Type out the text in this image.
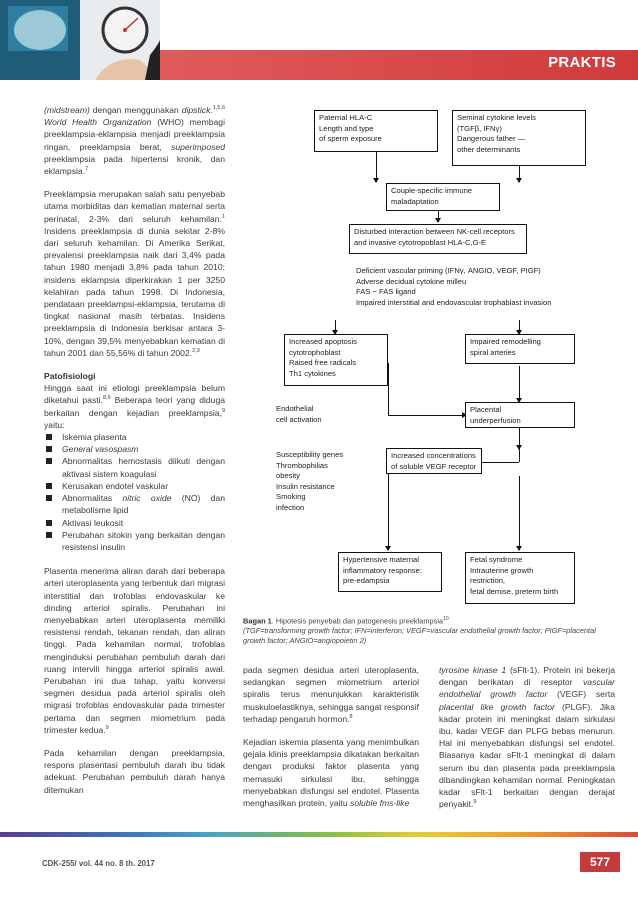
PRAKTIS

(midstream) dengan menggunakan dipstick.$^{1,5,6}$ World Health Organization (WHO) membagi preeklampsia-eklampsia menjadi preeklampsia ringan, preeklampsia berat, superimposed preeklampsia pada hipertensi kronik, dan eklampsia.$^7$

Preeklampsia merupakan salah satu penyebab utama morbiditas dan kematian maternal serta perinatal, 2-3% dari seluruh kehamilan.$^1$ Insidens preeklampsia di dunia sekitar 2-8% dari seluruh kehamilan. Di Amerika Serikat, prevalensi preeklampsia naik dari 3,4% pada tahun 1980 menjadi 3,8% pada tahun 2010; insidens eklampsia diperkirakan 1 per 3250 kelahiran pada tahun 1998. Di Indonesia, pendataan preeklampsi-eklampsia, terutama di tingkat nasional masih terbatas. Insidens preeklampsia di Indonesia berkisar antara 3-10%, dengan 39,5% menyebabkan kematian di tahun 2001 dan 55,56% di tahun 2002.$^{2,3}$

Patofisiologi

Hingga saat ini etiologi preeklampsia belum diketahui pasti.$^{8,9}$ Beberapa teori yang diduga berkaitan dengan kejadian preeklampsia,$^9$ yaitu:

Iskemia plasenta
General vasospasm
Abnormalitas hemostasis diikuti dengan aktivasi sistem koagulasi
Kerusakan endotel vaskular
Abnormalitas nitric oxide (NO) dan metabolisme lipid
Aktivasi leukosit
Perubahan sitokin yang berkaitan dengan resistensi insulin

Plasenta menerima aliran darah dari beberapa arteri uteroplasenta yang terbentuk dari migrasi interstitial dan trofoblas endovaskular ke dinding arteriol spiralis. Perubahan ini menyebabkan arteri uteroplasenta memiliki resistensi rendah, tekanan rendah, dan aliran tinggi. Pada kehamilan normal, trofoblas menginduksi perubahan pembuluh darah dari ruang intervili hingga arteriol spiralis awal. Perubahan ini dua tahap, yaitu konversi segmen desidua pada arteriol spiralis oleh migrasi trofoblas endovaskular pada trimester pertama dan segmen miometrium pada trimester kedua.$^9$

Pada kehamilan dengan preeklampsia, respons plasentasi pembuluh darah ibu tidak adekuat. Perubahan pembuluh darah hanya ditemukan

Paternal HLA-C
Length and type
of sperm exposure
Seminal cytokine levels
(TGFβ, IFNγ)
Dangerous father —
other determinants
Couple-specific immune
maladaptation
Disturbed interaction between NK-cell receptors
and invasive cytotropoblast HLA-C,G-E
Deficient vascular priming (IFNγ, ANGIO, VEGF, PIGF)
Adverse decidual cytokine milleu
FAS − FAS ligand
Impaired interstitial and endovascular trophablast invasion
Increased apoptosis
cytotrophoblast
Raised free radicals
Th1 cytokines
Impaired remodelling
spiral arteries
Endothelial
cell activation
Placental
underperfusion
Susceptibility genes
Thrombophilias
obesity
Insulin resistance
Smoking
infection
Increased concentrations
of soluble VEGF receptor
Hypertensive maternal
inflammatory response:
pre-edampsia
Fetal syndrome
Intrauterine growth
restriction,
fetal demise, preterm birth
Bagan 1. Hipotesis penyebab dan patogenesis preeklampsia$^{10}$
(TGF=transforming growth factor; IFN=interferon; VEGF=vascular endothelial growth factor; PIGF=placental growth factor; ANGIO=angiopoietin 2)

pada segmen desidua arteri uteroplasenta, sedangkan segmen miometrium arteriol spiralis terus menunjukkan karakteristik muskuloelastiknya, sehingga sangat responsif terhadap pengaruh hormon.$^8$

Kejadian iskemia plasenta yang menimbulkan gejala klinis preeklampsia dikatakan berkaitan dengan produksi faktor plasenta yang memasuki sirkulasi ibu, sehingga menyebabkan disfungsi sel endotel. Plasenta menghasilkan protein, yaitu soluble fms-like

tyrosine kinase 1 (sFlt-1). Protein ini bekerja dengan berikatan di reseptor vascular endothelial growth factor (VEGF) serta placental like growth factor (PLGF). Jika kadar protein ini meningkat dalam sirkulasi ibu, kadar VEGF dan PLFG bebas menurun. Hal ini menyebabkan disfungsi sel endotel. Biasanya kadar sFlt-1 meningkat di dalam serum ibu dan plasenta pada preeklampsia dibandingkan kehamilan normal. Peningkatan kadar sFlt-1 berkaitan dengan derajat penyakit.$^9$

CDK-255/ vol. 44 no. 8 th. 2017	577
